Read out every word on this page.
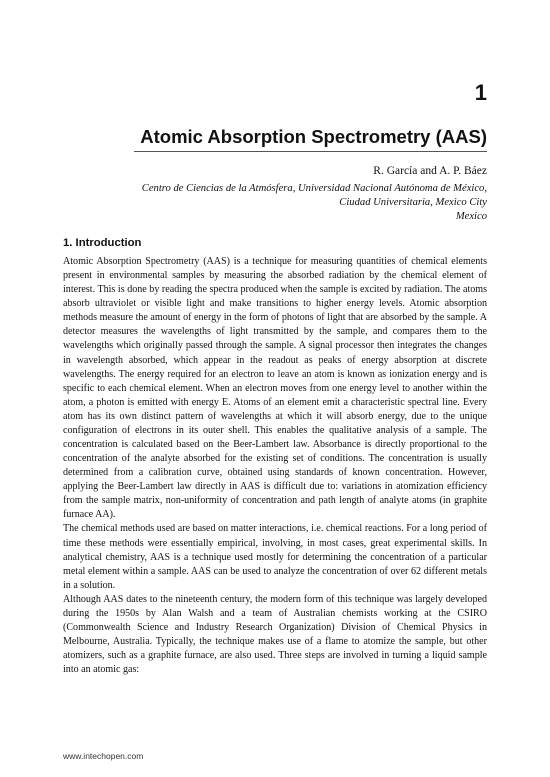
1
Atomic Absorption Spectrometry (AAS)
R. García and A. P. Báez
Centro de Ciencias de la Atmósfera, Universidad Nacional Autónoma de México,
Ciudad Universitaria, Mexico City
Mexico
1. Introduction

Atomic Absorption Spectrometry (AAS) is a technique for measuring quantities of chemical elements present in environmental samples by measuring the absorbed radiation by the chemical element of interest. This is done by reading the spectra produced when the sample is excited by radiation. The atoms absorb ultraviolet or visible light and make transitions to higher energy levels. Atomic absorption methods measure the amount of energy in the form of photons of light that are absorbed by the sample. A detector measures the wavelengths of light transmitted by the sample, and compares them to the wavelengths which originally passed through the sample. A signal processor then integrates the changes in wavelength absorbed, which appear in the readout as peaks of energy absorption at discrete wavelengths. The energy required for an electron to leave an atom is known as ionization energy and is specific to each chemical element. When an electron moves from one energy level to another within the atom, a photon is emitted with energy E. Atoms of an element emit a characteristic spectral line. Every atom has its own distinct pattern of wavelengths at which it will absorb energy, due to the unique configuration of electrons in its outer shell. This enables the qualitative analysis of a sample. The concentration is calculated based on the Beer-Lambert law. Absorbance is directly proportional to the concentration of the analyte absorbed for the existing set of conditions. The concentration is usually determined from a calibration curve, obtained using standards of known concentration. However, applying the Beer-Lambert law directly in AAS is difficult due to: variations in atomization efficiency from the sample matrix, non-uniformity of concentration and path length of analyte atoms (in graphite furnace AA).

The chemical methods used are based on matter interactions, i.e. chemical reactions. For a long period of time these methods were essentially empirical, involving, in most cases, great experimental skills. In analytical chemistry, AAS is a technique used mostly for determining the concentration of a particular metal element within a sample. AAS can be used to analyze the concentration of over 62 different metals in a solution.

Although AAS dates to the nineteenth century, the modern form of this technique was largely developed during the 1950s by Alan Walsh and a team of Australian chemists working at the CSIRO (Commonwealth Science and Industry Research Organization) Division of Chemical Physics in Melbourne, Australia. Typically, the technique makes use of a flame to atomize the sample, but other atomizers, such as a graphite furnace, are also used. Three steps are involved in turning a liquid sample into an atomic gas:

www.intechopen.com
